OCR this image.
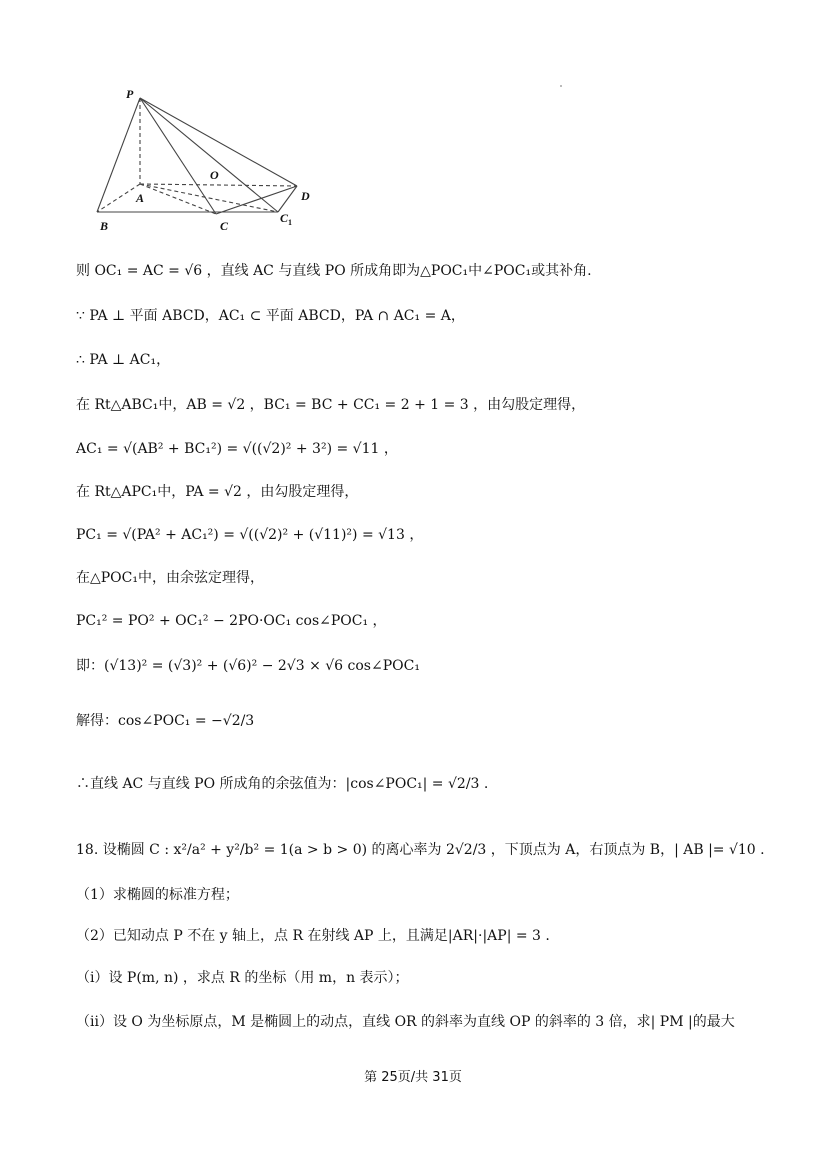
P
O
A	D
B	C
C 1
则 OC₁ = AC = √6 ，直线 AC 与直线 PO 所成角即为△POC₁中∠POC₁或其补角.
∵ PA ⊥ 平面 ABCD，AC₁ ⊂ 平面 ABCD，PA ∩ AC₁ = A，
∴ PA ⊥ AC₁，
在 Rt△ABC₁中，AB = √2 ，BC₁ = BC + CC₁ = 2 + 1 = 3 ，由勾股定理得，
AC₁ = √(AB² + BC₁²) = √((√2)² + 3²) = √11 ，
在 Rt△APC₁中，PA = √2 ，由勾股定理得，
PC₁ = √(PA² + AC₁²) = √((√2)² + (√11)²) = √13 ，
在△POC₁中，由余弦定理得，
PC₁² = PO² + OC₁² − 2PO·OC₁ cos∠POC₁ ，
即：(√13)² = (√3)² + (√6)² − 2√3 × √6 cos∠POC₁
解得：cos∠POC₁ = −√2/3
∴直线 AC 与直线 PO 所成角的余弦值为：|cos∠POC₁| = √2/3 .
18. 设椭圆 C : x²/a² + y²/b² = 1(a > b > 0) 的离心率为 2√2/3 ，下顶点为 A，右顶点为 B，| AB |= √10 .
（1）求椭圆的标准方程；
（2）已知动点 P 不在 y 轴上，点 R 在射线 AP 上，且满足|AR|·|AP| = 3 .
（i）设 P(m, n) ，求点 R 的坐标（用 m，n 表示）；
（ii）设 O 为坐标原点，M 是椭圆上的动点，直线 OR 的斜率为直线 OP 的斜率的 3 倍，求| PM |的最大
第 25页/共 31页
